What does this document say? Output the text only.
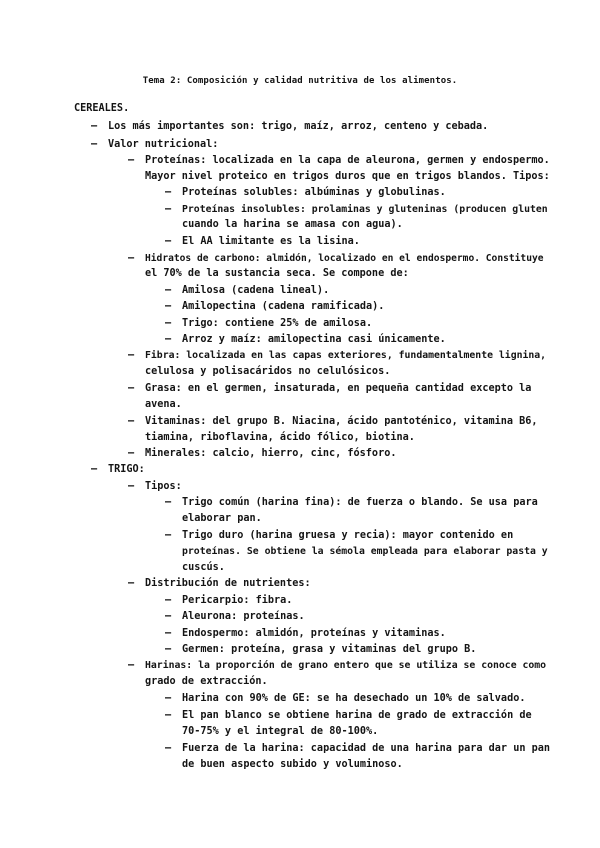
Tema 2: Composición y calidad nutritiva de los alimentos.
CEREALES.
– Los más importantes son: trigo, maíz, arroz, centeno y cebada.
– Valor nutricional:
– Proteínas: localizada en la capa de aleurona, germen y endospermo.
Mayor nivel proteico en trigos duros que en trigos blandos. Tipos:
– Proteínas solubles: albúminas y globulinas.
– Proteínas insolubles: prolaminas y gluteninas (producen gluten
cuando la harina se amasa con agua).
– El AA limitante es la lisina.
– Hidratos de carbono: almidón, localizado en el endospermo. Constituye
el 70% de la sustancia seca. Se compone de:
– Amilosa (cadena lineal).
– Amilopectina (cadena ramificada).
– Trigo: contiene 25% de amilosa.
– Arroz y maíz: amilopectina casi únicamente.
– Fibra: localizada en las capas exteriores, fundamentalmente lignina,
celulosa y polisacáridos no celulósicos.
– Grasa: en el germen, insaturada, en pequeña cantidad excepto la
avena.
– Vitaminas: del grupo B. Niacina, ácido pantoténico, vitamina B6,
tiamina, riboflavina, ácido fólico, biotina.
– Minerales: calcio, hierro, cinc, fósforo.
– TRIGO:
– Tipos:
– Trigo común (harina fina): de fuerza o blando. Se usa para
elaborar pan.
– Trigo duro (harina gruesa y recia): mayor contenido en
proteínas. Se obtiene la sémola empleada para elaborar pasta y
cuscús.
– Distribución de nutrientes:
– Pericarpio: fibra.
– Aleurona: proteínas.
– Endospermo: almidón, proteínas y vitaminas.
– Germen: proteína, grasa y vitaminas del grupo B.
– Harinas: la proporción de grano entero que se utiliza se conoce como
grado de extracción.
– Harina con 90% de GE: se ha desechado un 10% de salvado.
– El pan blanco se obtiene harina de grado de extracción de
70-75% y el integral de 80-100%.
– Fuerza de la harina: capacidad de una harina para dar un pan
de buen aspecto subido y voluminoso.
